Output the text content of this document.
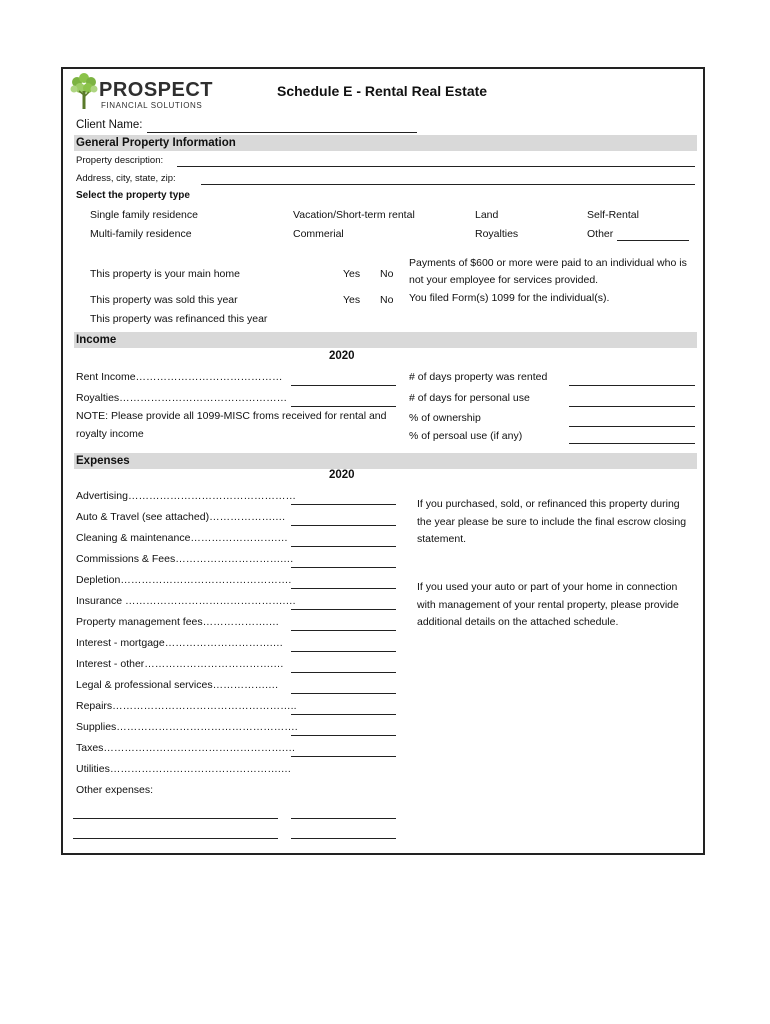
PROSPECT
FINANCIAL SOLUTIONS
Schedule E - Rental Real Estate
Client Name:
General Property Information
Property description:
Address, city, state, zip:
Select the property type
Single family residence	Vacation/Short-term rental	Land	Self-Rental
Multi-family residence	Commerial	Royalties	Other
This property is your main home	Yes No
Payments of $600 or more were paid to an individual who is
not your employee for services provided.
This property was sold this year	Yes No You filed Form(s) 1099 for the individual(s).
This property was refinanced this year
Income
2020
Rent Income……………………………………
Royalties…………………………………………
NOTE: Please provide all 1099-MISC froms received for rental and
royalty income
# of days property was rented
# of days for personal use
% of ownership
% of persoal use (if any)
Expenses
2020
Advertising…………………………………………
Auto & Travel (see attached)……………….…
Cleaning & maintenance…………………….…
Commissions & Fees………………………….…
Depletion………………………………………….
Insurance ……………………………………….…
Property management fees……………….…
Interest - mortgage………………………….…
Interest - other……………………………….…
Legal & professional services…………….…
Repairs……………………………………………..
Supplies…………………………………………….
Taxes…………………………………………….…
Utilities………………………………………….…
Other expenses:
If you purchased, sold, or refinanced this property during
the year please be sure to include the final escrow closing
statement.
If you used your auto or part of your home in connection
with management of your rental property, please provide
additional details on the attached schedule.
